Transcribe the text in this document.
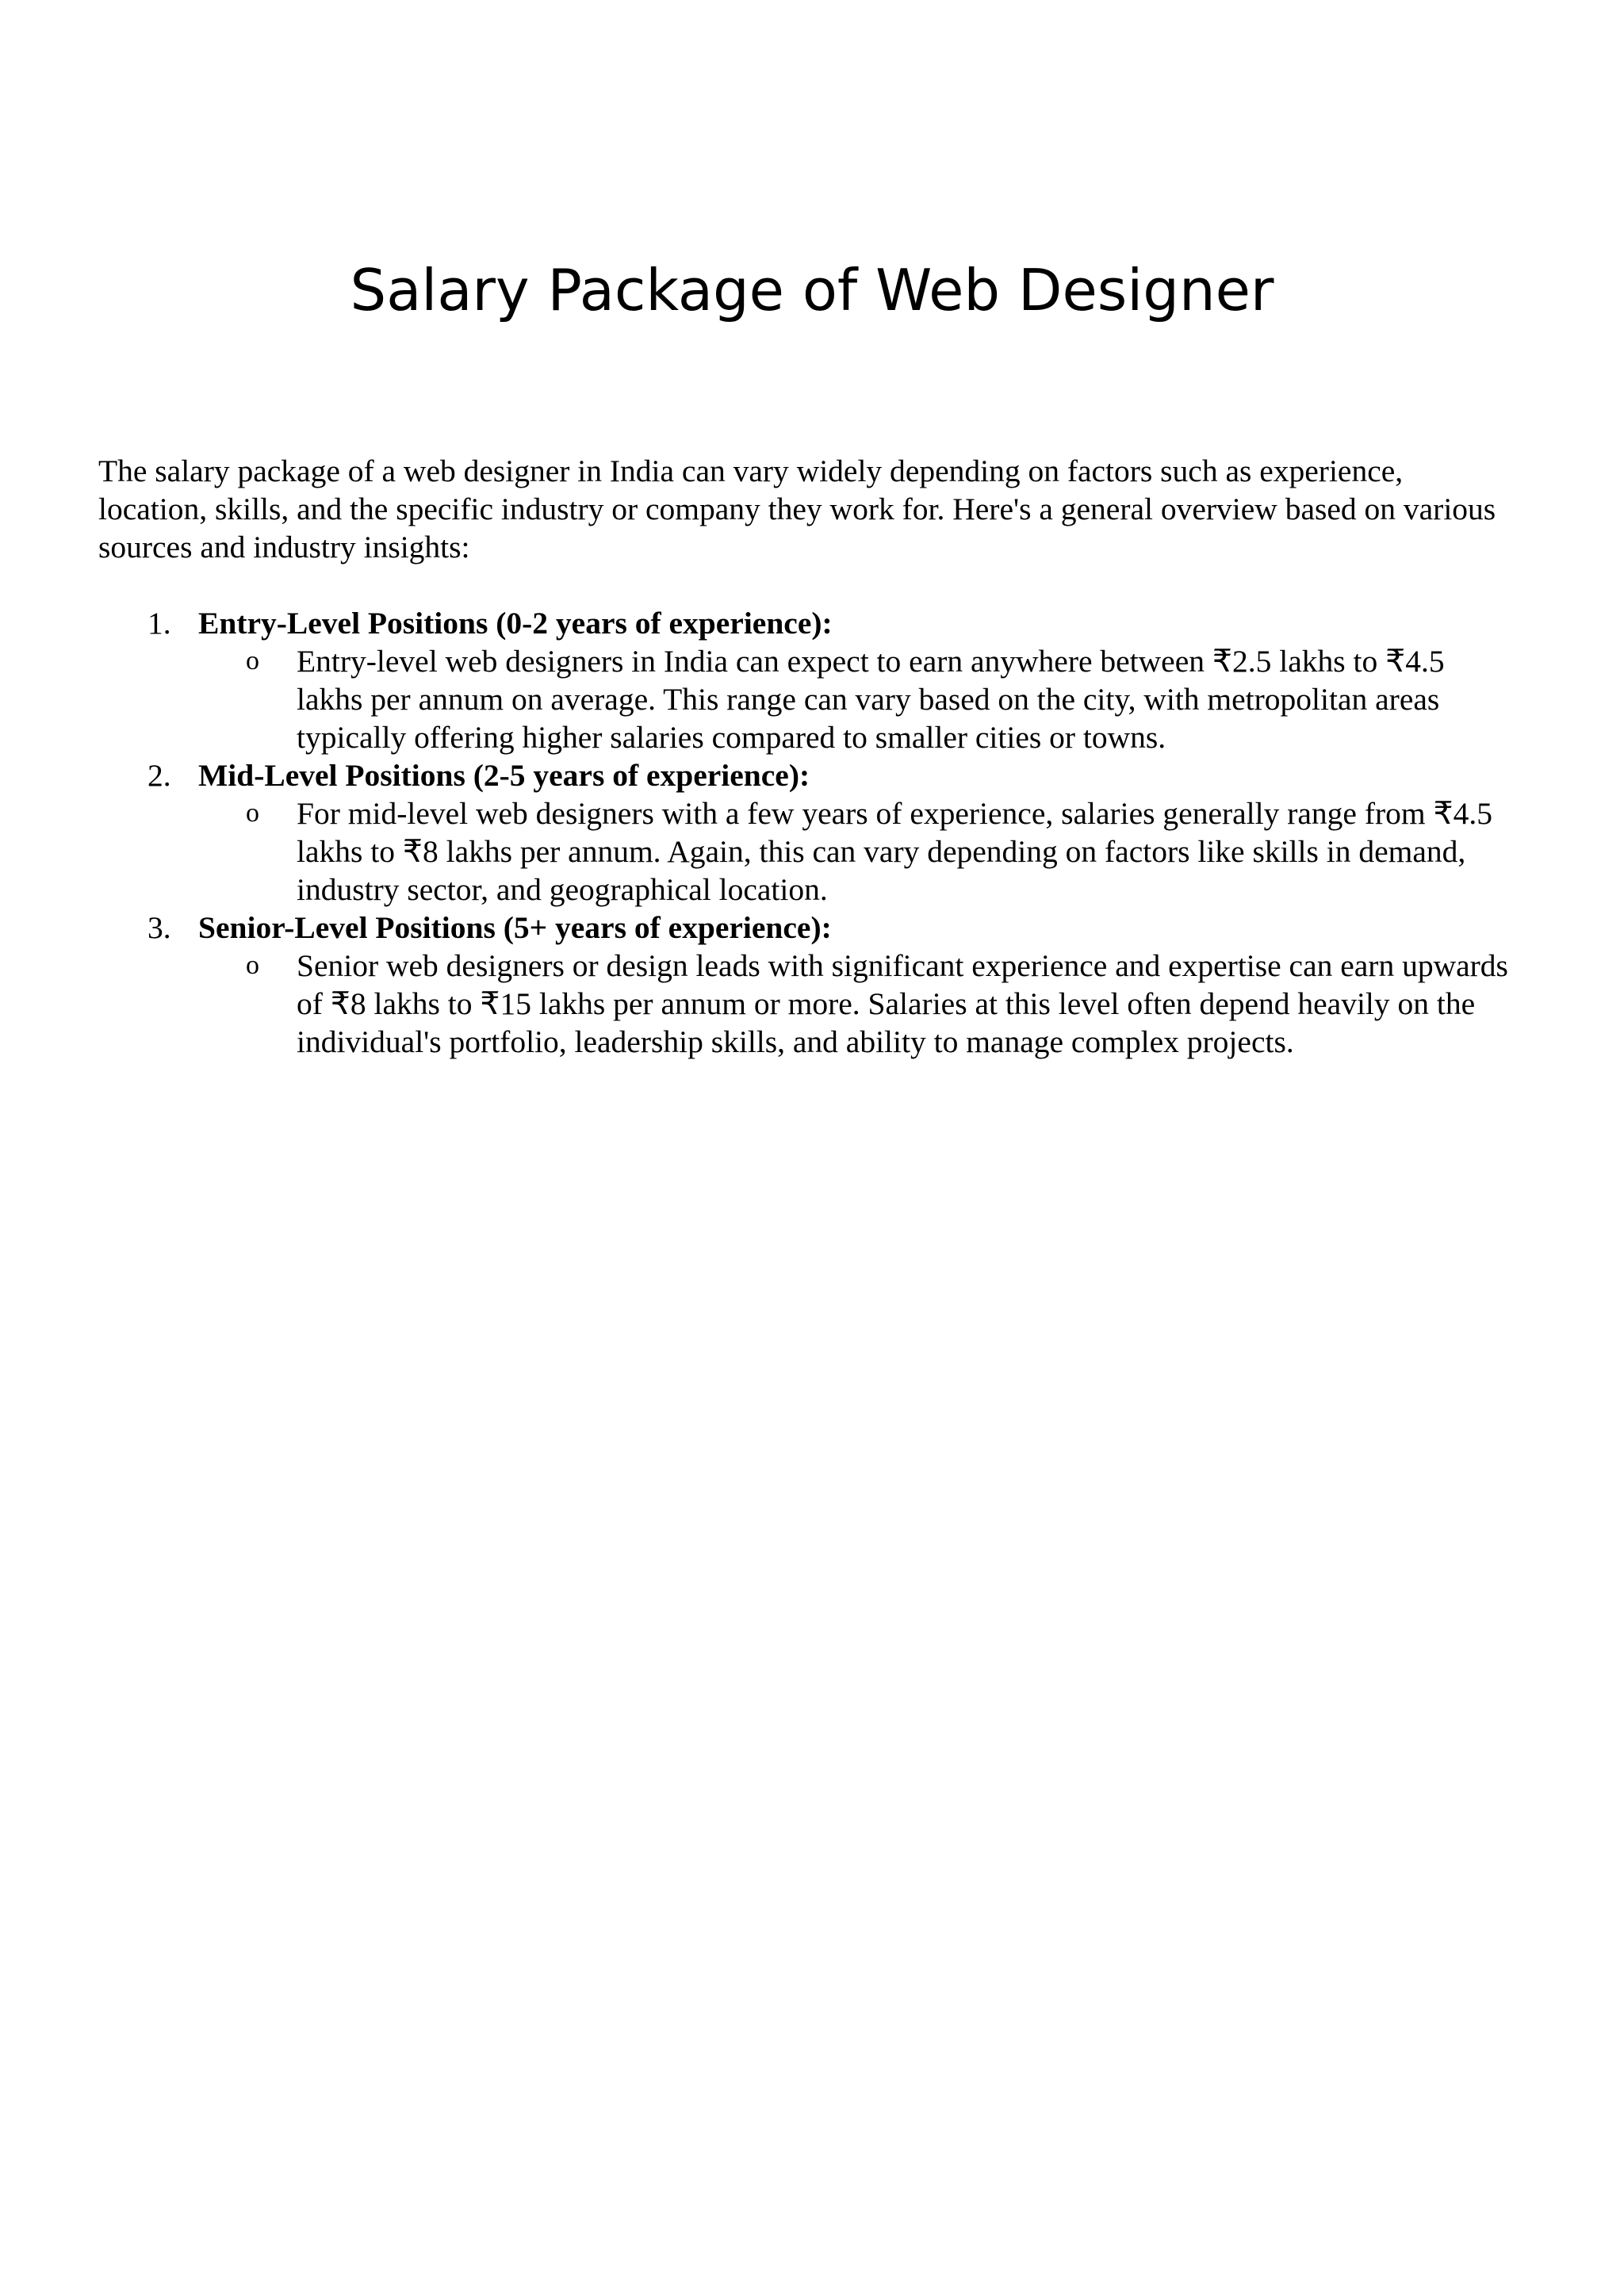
Salary Package of Web Designer

The salary package of a web designer in India can vary widely depending on factors such as experience, location, skills, and the specific industry or company they work for. Here's a general overview based on various sources and industry insights:

1. Entry-Level Positions (0-2 years of experience):
o Entry-level web designers in India can expect to earn anywhere between ₹2.5 lakhs to ₹4.5 lakhs per annum on average. This range can vary based on the city, with metropolitan areas typically offering higher salaries compared to smaller cities or towns.
2. Mid-Level Positions (2-5 years of experience):
o For mid-level web designers with a few years of experience, salaries generally range from ₹4.5 lakhs to ₹8 lakhs per annum. Again, this can vary depending on factors like skills in demand, industry sector, and geographical location.
3. Senior-Level Positions (5+ years of experience):
o Senior web designers or design leads with significant experience and expertise can earn upwards of ₹8 lakhs to ₹15 lakhs per annum or more. Salaries at this level often depend heavily on the individual's portfolio, leadership skills, and ability to manage complex projects.
